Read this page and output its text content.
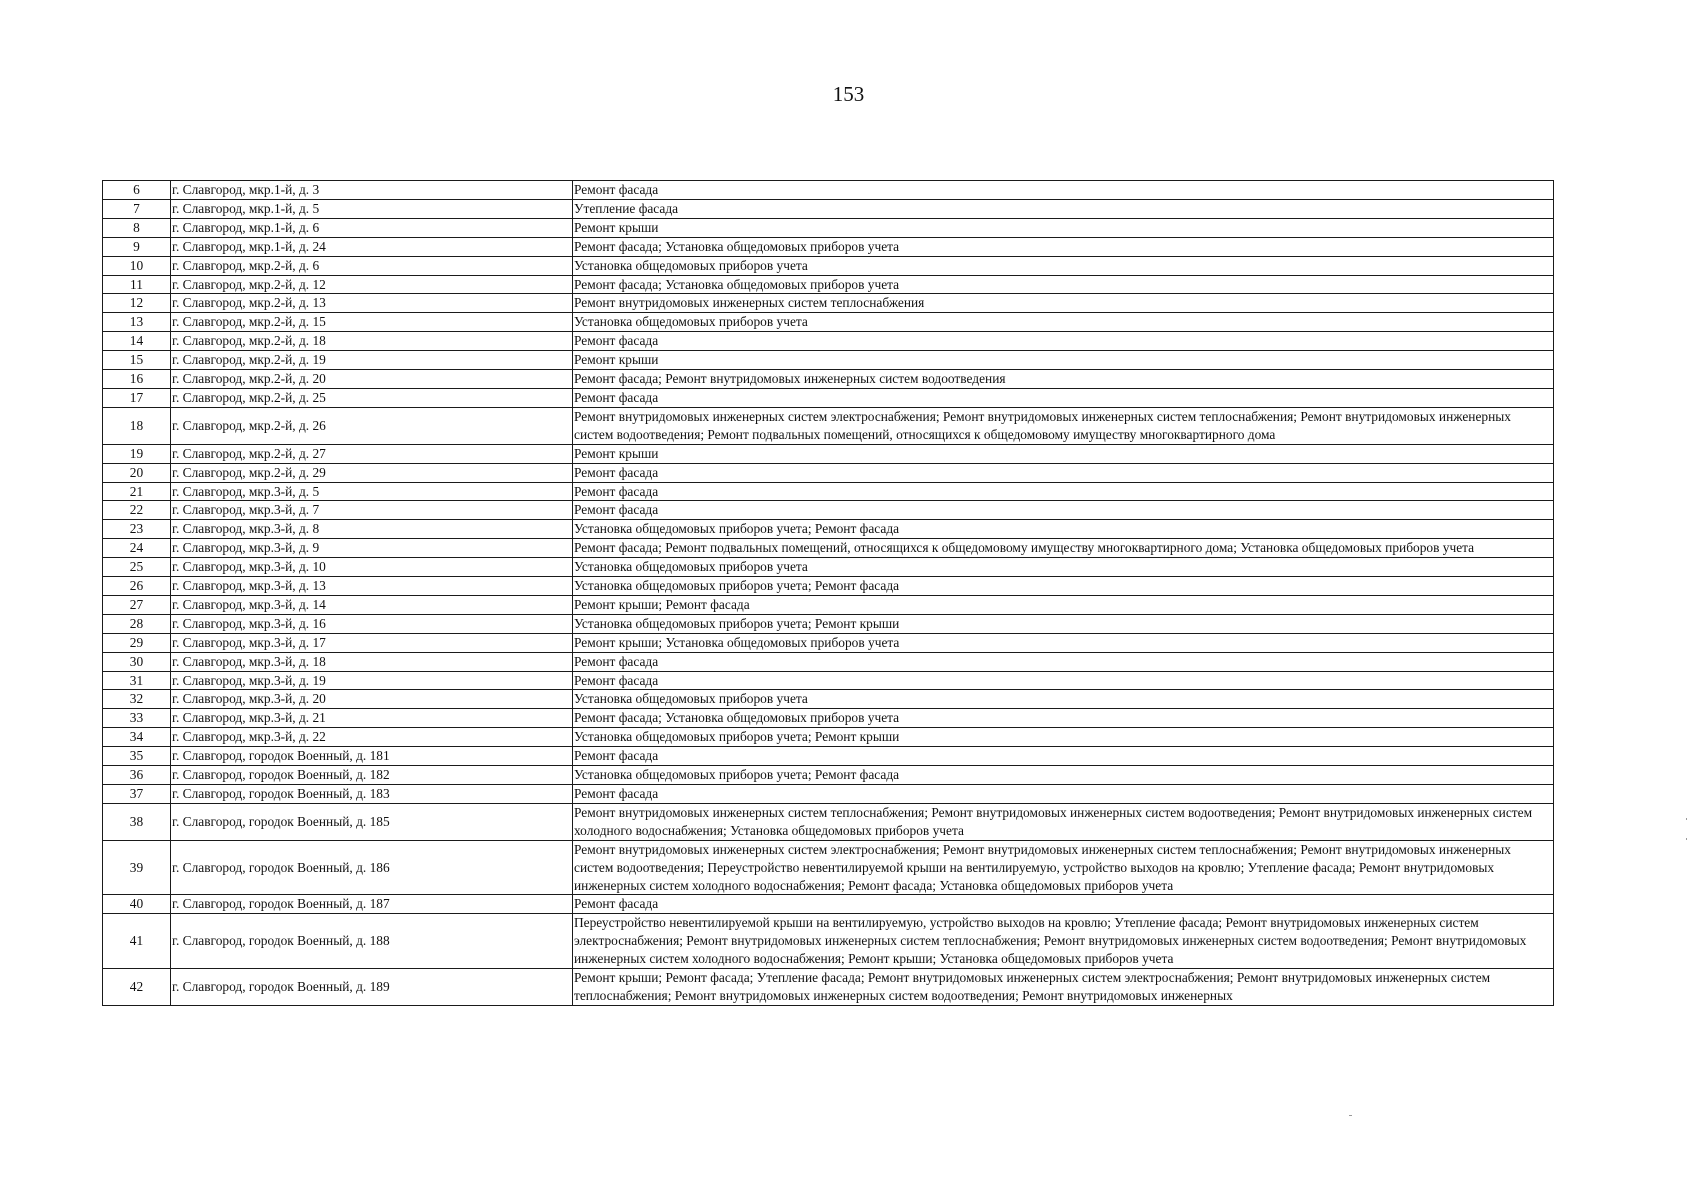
153
6	г. Славгород, мкр.1-й, д. 3	Ремонт фасада
7	г. Славгород, мкр.1-й, д. 5	Утепление фасада
8	г. Славгород, мкр.1-й, д. 6	Ремонт крыши
9	г. Славгород, мкр.1-й, д. 24	Ремонт фасада; Установка общедомовых приборов учета
10	г. Славгород, мкр.2-й, д. 6	Установка общедомовых приборов учета
11	г. Славгород, мкр.2-й, д. 12	Ремонт фасада; Установка общедомовых приборов учета
12	г. Славгород, мкр.2-й, д. 13	Ремонт внутридомовых инженерных систем теплоснабжения
13	г. Славгород, мкр.2-й, д. 15	Установка общедомовых приборов учета
14	г. Славгород, мкр.2-й, д. 18	Ремонт фасада
15	г. Славгород, мкр.2-й, д. 19	Ремонт крыши
16	г. Славгород, мкр.2-й, д. 20	Ремонт фасада; Ремонт внутридомовых инженерных систем водоотведения
17	г. Славгород, мкр.2-й, д. 25	Ремонт фасада
18	г. Славгород, мкр.2-й, д. 26	Ремонт внутридомовых инженерных систем электроснабжения; Ремонт внутридомовых инженерных систем теплоснабжения; Ремонт внутридомовых инженерных систем водоотведения; Ремонт подвальных помещений, относящихся к общедомовому имуществу многоквартирного дома
19	г. Славгород, мкр.2-й, д. 27	Ремонт крыши
20	г. Славгород, мкр.2-й, д. 29	Ремонт фасада
21	г. Славгород, мкр.3-й, д. 5	Ремонт фасада
22	г. Славгород, мкр.3-й, д. 7	Ремонт фасада
23	г. Славгород, мкр.3-й, д. 8	Установка общедомовых приборов учета; Ремонт фасада
24	г. Славгород, мкр.3-й, д. 9	Ремонт фасада; Ремонт подвальных помещений, относящихся к общедомовому имуществу многоквартирного дома; Установка общедомовых приборов учета
25	г. Славгород, мкр.3-й, д. 10	Установка общедомовых приборов учета
26	г. Славгород, мкр.3-й, д. 13	Установка общедомовых приборов учета; Ремонт фасада
27	г. Славгород, мкр.3-й, д. 14	Ремонт крыши; Ремонт фасада
28	г. Славгород, мкр.3-й, д. 16	Установка общедомовых приборов учета; Ремонт крыши
29	г. Славгород, мкр.3-й, д. 17	Ремонт крыши; Установка общедомовых приборов учета
30	г. Славгород, мкр.3-й, д. 18	Ремонт фасада
31	г. Славгород, мкр.3-й, д. 19	Ремонт фасада
32	г. Славгород, мкр.3-й, д. 20	Установка общедомовых приборов учета
33	г. Славгород, мкр.3-й, д. 21	Ремонт фасада; Установка общедомовых приборов учета
34	г. Славгород, мкр.3-й, д. 22	Установка общедомовых приборов учета; Ремонт крыши
35	г. Славгород, городок Военный, д. 181	Ремонт фасада
36	г. Славгород, городок Военный, д. 182	Установка общедомовых приборов учета; Ремонт фасада
37	г. Славгород, городок Военный, д. 183	Ремонт фасада
38	г. Славгород, городок Военный, д. 185	Ремонт внутридомовых инженерных систем теплоснабжения; Ремонт внутридомовых инженерных систем водоотведения; Ремонт внутридомовых инженерных систем холодного водоснабжения; Установка общедомовых приборов учета
39	г. Славгород, городок Военный, д. 186	Ремонт внутридомовых инженерных систем электроснабжения; Ремонт внутридомовых инженерных систем теплоснабжения; Ремонт внутридомовых инженерных систем водоотведения; Переустройство невентилируемой крыши на вентилируемую, устройство выходов на кровлю; Утепление фасада; Ремонт внутридомовых инженерных систем холодного водоснабжения; Ремонт фасада; Установка общедомовых приборов учета
40	г. Славгород, городок Военный, д. 187	Ремонт фасада
41	г. Славгород, городок Военный, д. 188	Переустройство невентилируемой крыши на вентилируемую, устройство выходов на кровлю; Утепление фасада; Ремонт внутридомовых инженерных систем электроснабжения; Ремонт внутридомовых инженерных систем теплоснабжения; Ремонт внутридомовых инженерных систем водоотведения; Ремонт внутридомовых инженерных систем холодного водоснабжения; Ремонт крыши; Установка общедомовых приборов учета
42	г. Славгород, городок Военный, д. 189	Ремонт крыши; Ремонт фасада; Утепление фасада; Ремонт внутридомовых инженерных систем электроснабжения; Ремонт внутридомовых инженерных систем теплоснабжения; Ремонт внутридомовых инженерных систем водоотведения; Ремонт внутридомовых инженерных
